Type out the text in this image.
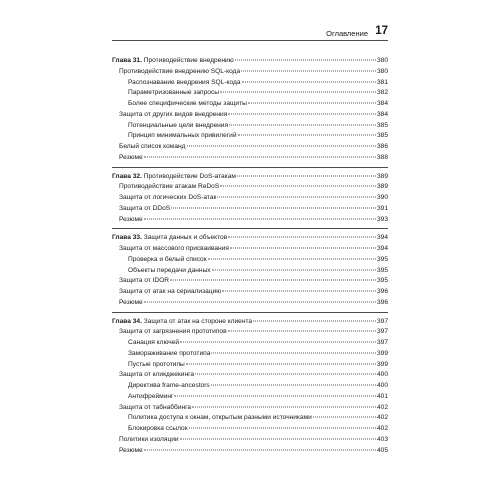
Оглавление 17
Глава 31. Противодействие внедрению	380
Противодействие внедрению SQL-кода	380
Распознавание внедрения SQL-кода	381
Параметризованные запросы	382
Более специфические методы защиты	384
Защита от других видов внедрения	384
Потенциальные цели внедрения	385
Принцип минимальных привилегий	385
Белый список команд	386
Резюме	388
Глава 32. Противодействие DoS-атакам	389
Противодействие атакам ReDoS	389
Защита от логических DoS-атак	390
Защита от DDoS	391
Резюме	393
Глава 33. Защита данных и объектов	394
Защита от массового присваивания	394
Проверка и белый список	395
Объекты передачи данных	395
Защита от IDOR	395
Защита от атак на сериализацию	396
Резюме	396
Глава 34. Защита от атак на стороне клиента	397
Защита от загрязнения прототипов	397
Санация ключей	397
Замораживание прототипа	399
Пустые прототипы	399
Защита от кликджекинга	400
Директива frame-ancestors	400
Антифрейминг	401
Защита от табнаббинга	402
Политика доступа к окнам, открытым разными источниками	402
Блокировка ссылок	402
Политики изоляции	403
Резюме	405
